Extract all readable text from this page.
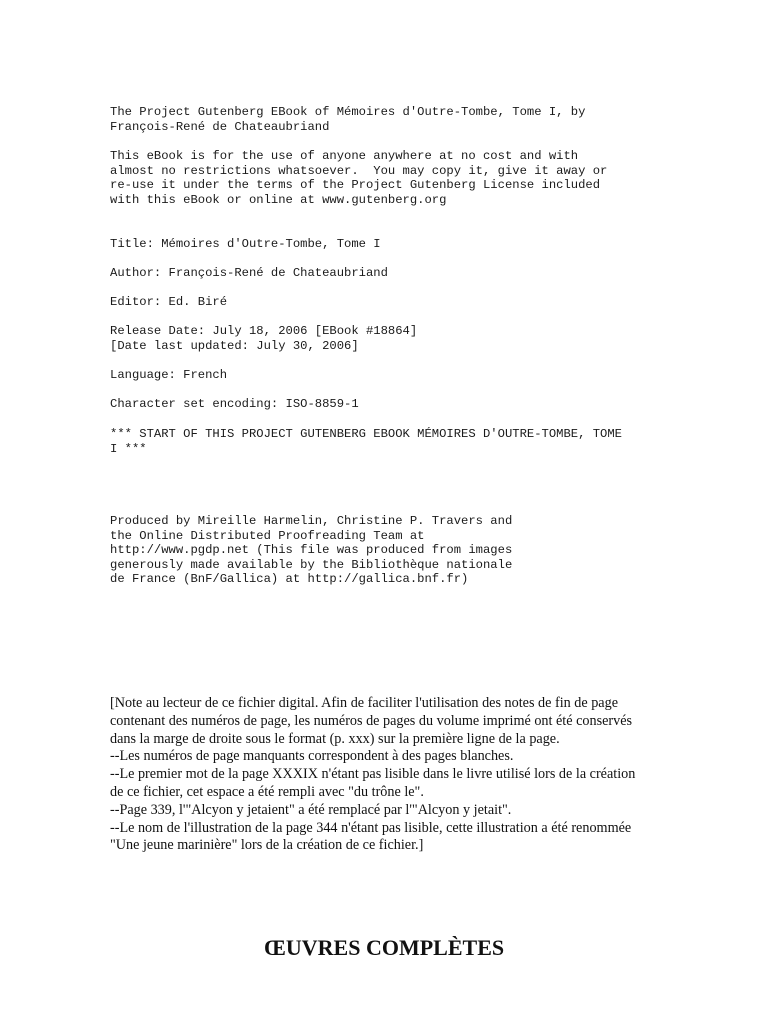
The Project Gutenberg EBook of Mémoires d'Outre-Tombe, Tome I, by
François-René de Chateaubriand
This eBook is for the use of anyone anywhere at no cost and with
almost no restrictions whatsoever.  You may copy it, give it away or
re-use it under the terms of the Project Gutenberg License included
with this eBook or online at www.gutenberg.org
Title: Mémoires d'Outre-Tombe, Tome I
Author: François-René de Chateaubriand
Editor: Ed. Biré
Release Date: July 18, 2006 [EBook #18864]
[Date last updated: July 30, 2006]
Language: French
Character set encoding: ISO-8859-1
*** START OF THIS PROJECT GUTENBERG EBOOK MÉMOIRES D'OUTRE-TOMBE, TOME
I ***
Produced by Mireille Harmelin, Christine P. Travers and
the Online Distributed Proofreading Team at
http://www.pgdp.net (This file was produced from images
generously made available by the Bibliothèque nationale
de France (BnF/Gallica) at http://gallica.bnf.fr)

[Note au lecteur de ce fichier digital. Afin de faciliter l'utilisation des notes de fin de page contenant des numéros de page, les numéros de pages du volume imprimé ont été conservés dans la marge de droite sous le format (p. xxx) sur la première ligne de la page.

--Les numéros de page manquants correspondent à des pages blanches.

--Le premier mot de la page XXXIX n'étant pas lisible dans le livre utilisé lors de la création de ce fichier, cet espace a été rempli avec "du trône le".

--Page 339, l'"Alcyon y jetaient" a été remplacé par l'"Alcyon y jetait".

--Le nom de l'illustration de la page 344 n'étant pas lisible, cette illustration a été renommée "Une jeune marinière" lors de la création de ce fichier.]

ŒUVRES COMPLÈTES
